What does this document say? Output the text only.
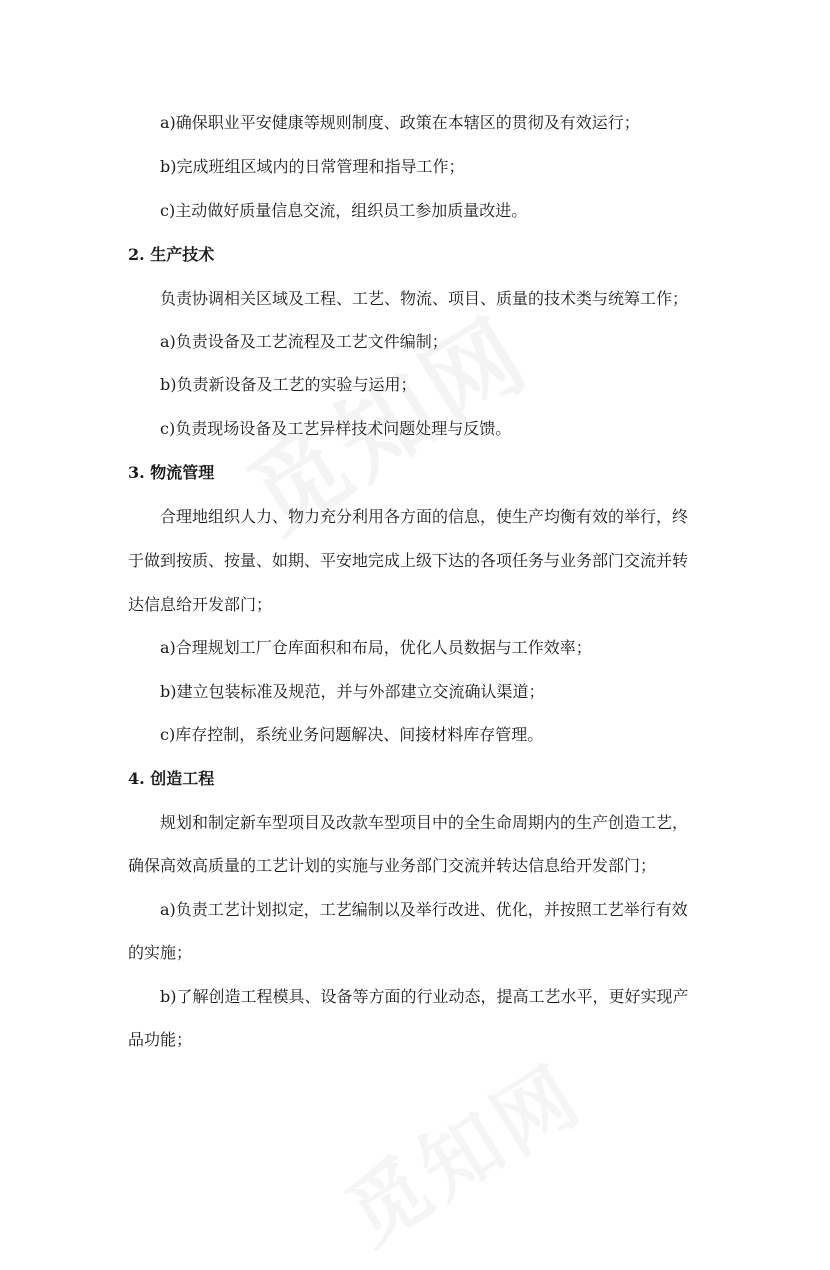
a)确保职业平安健康等规则制度、政策在本辖区的贯彻及有效运行；
b)完成班组区域内的日常管理和指导工作；
c)主动做好质量信息交流，组织员工参加质量改进。
2. 生产技术
负责协调相关区域及工程、工艺、物流、项目、质量的技术类与统筹工作；
a)负责设备及工艺流程及工艺文件编制；
b)负责新设备及工艺的实验与运用；
c)负责现场设备及工艺异样技术问题处理与反馈。
3. 物流管理
合理地组织人力、物力充分利用各方面的信息，使生产均衡有效的举行，终
于做到按质、按量、如期、平安地完成上级下达的各项任务与业务部门交流并转
达信息给开发部门；
a)合理规划工厂仓库面积和布局，优化人员数据与工作效率；
b)建立包装标准及规范，并与外部建立交流确认渠道；
c)库存控制，系统业务问题解决、间接材料库存管理。
4. 创造工程
规划和制定新车型项目及改款车型项目中的全生命周期内的生产创造工艺，
确保高效高质量的工艺计划的实施与业务部门交流并转达信息给开发部门；
a)负责工艺计划拟定，工艺编制以及举行改进、优化，并按照工艺举行有效
的实施；
b)了解创造工程模具、设备等方面的行业动态，提高工艺水平，更好实现产
品功能；
